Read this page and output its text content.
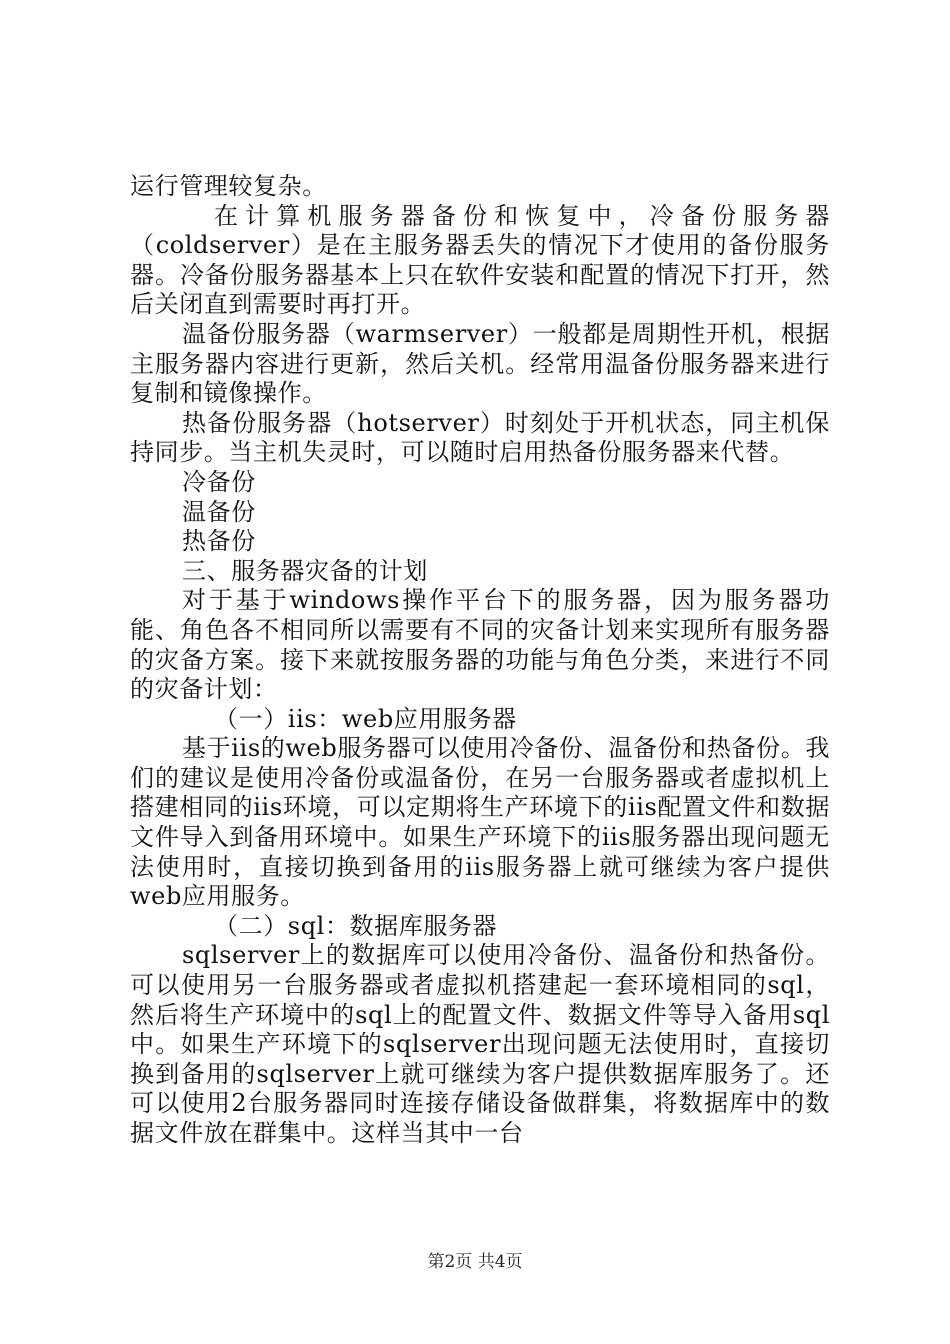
运行管理较复杂。

在计算机服务器备份和恢复中，冷备份服务器（coldserver）是在主服务器丢失的情况下才使用的备份服务器。冷备份服务器基本上只在软件安装和配置的情况下打开，然后关闭直到需要时再打开。

温备份服务器（warmserver）一般都是周期性开机，根据主服务器内容进行更新，然后关机。经常用温备份服务器来进行复制和镜像操作。

热备份服务器（hotserver）时刻处于开机状态，同主机保持同步。当主机失灵时，可以随时启用热备份服务器来代替。

冷备份

温备份

热备份

三、服务器灾备的计划

对于基于windows操作平台下的服务器，因为服务器功能、角色各不相同所以需要有不同的灾备计划来实现所有服务器的灾备方案。接下来就按服务器的功能与角色分类，来进行不同的灾备计划：

（一）iis：web应用服务器

基于iis的web服务器可以使用冷备份、温备份和热备份。我们的建议是使用冷备份或温备份，在另一台服务器或者虚拟机上搭建相同的iis环境，可以定期将生产环境下的iis配置文件和数据文件导入到备用环境中。如果生产环境下的iis服务器出现问题无法使用时，直接切换到备用的iis服务器上就可继续为客户提供web应用服务。

（二）sql：数据库服务器

sqlserver上的数据库可以使用冷备份、温备份和热备份。可以使用另一台服务器或者虚拟机搭建起一套环境相同的sql，然后将生产环境中的sql上的配置文件、数据文件等导入备用sql中。如果生产环境下的sqlserver出现问题无法使用时，直接切换到备用的sqlserver上就可继续为客户提供数据库服务了。还可以使用2台服务器同时连接存储设备做群集，将数据库中的数据文件放在群集中。这样当其中一台

第2页 共4页
